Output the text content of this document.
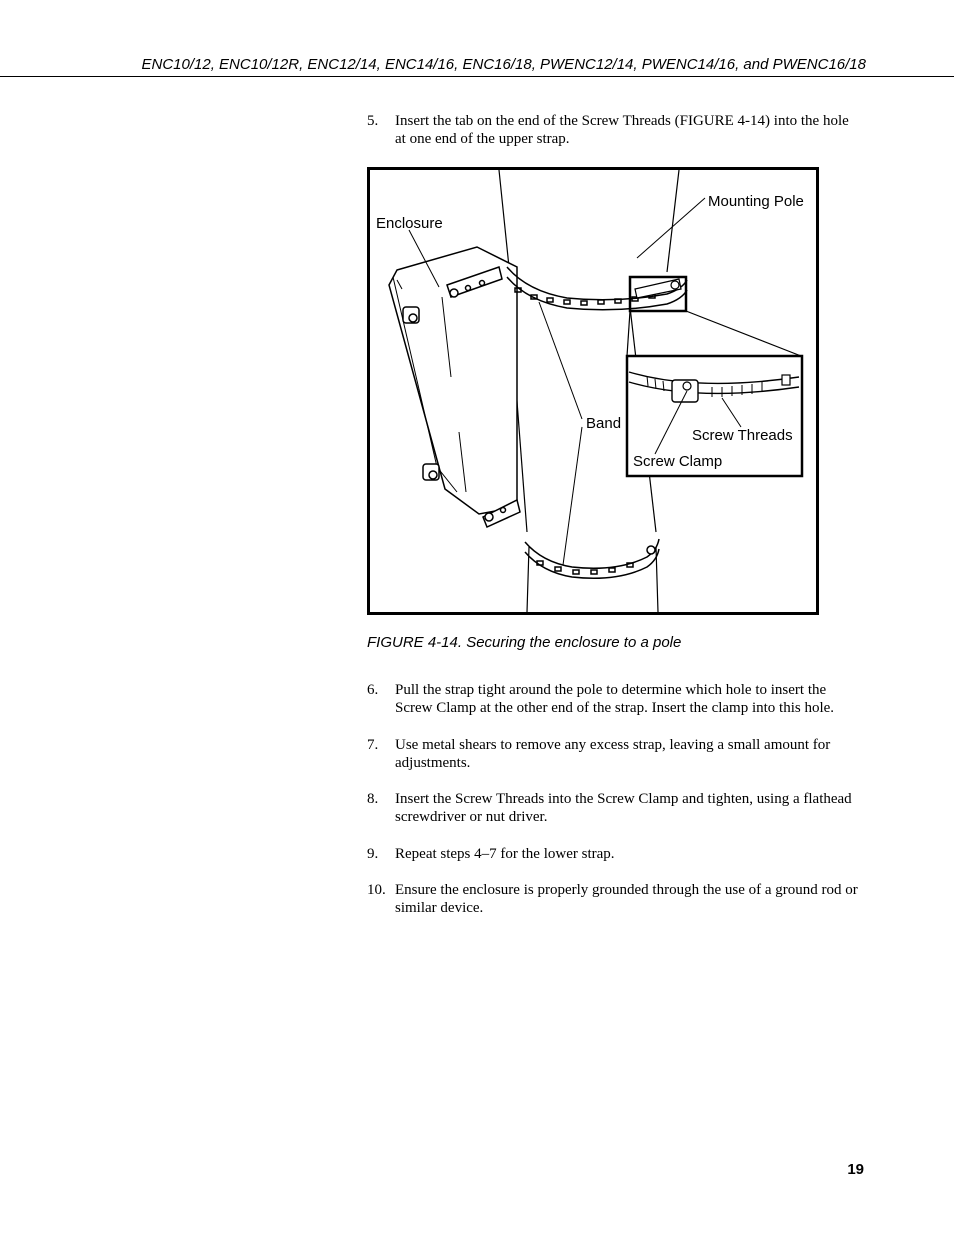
ENC10/12, ENC10/12R, ENC12/14, ENC14/16, ENC16/18, PWENC12/14, PWENC14/16, and PWENC16/18
5. Insert the tab on the end of the Screw Threads (FIGURE 4-14) into the hole at one end of the upper strap.
Enclosure
Mounting Pole
Band
Screw Threads
Screw Clamp
FIGURE 4-14. Securing the enclosure to a pole
6. Pull the strap tight around the pole to determine which hole to insert the Screw Clamp at the other end of the strap. Insert the clamp into this hole.
7. Use metal shears to remove any excess strap, leaving a small amount for adjustments.
8. Insert the Screw Threads into the Screw Clamp and tighten, using a flathead screwdriver or nut driver.
9. Repeat steps 4–7 for the lower strap.
10. Ensure the enclosure is properly grounded through the use of a ground rod or similar device.
19
